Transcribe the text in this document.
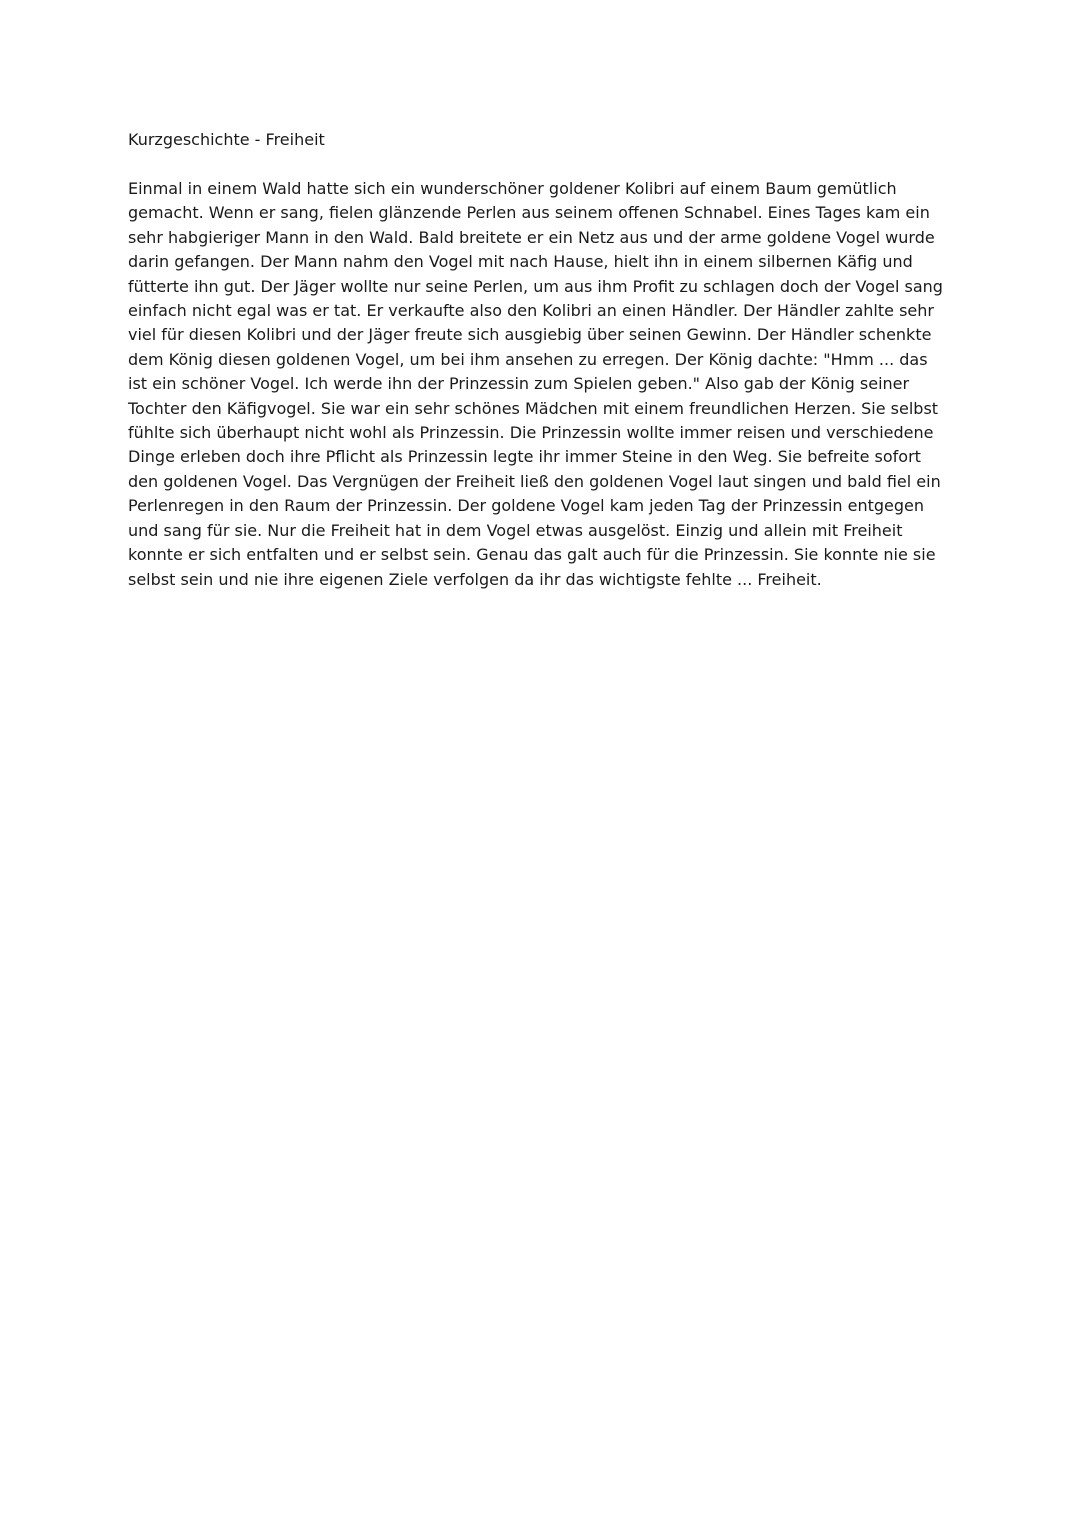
Kurzgeschichte - Freiheit
Einmal in einem Wald hatte sich ein wunderschöner goldener Kolibri auf einem Baum gemütlich
gemacht. Wenn er sang, fielen glänzende Perlen aus seinem offenen Schnabel. Eines Tages kam ein
sehr habgieriger Mann in den Wald. Bald breitete er ein Netz aus und der arme goldene Vogel wurde
darin gefangen. Der Mann nahm den Vogel mit nach Hause, hielt ihn in einem silbernen Käfig und
fütterte ihn gut. Der Jäger wollte nur seine Perlen, um aus ihm Profit zu schlagen doch der Vogel sang
einfach nicht egal was er tat. Er verkaufte also den Kolibri an einen Händler. Der Händler zahlte sehr
viel für diesen Kolibri und der Jäger freute sich ausgiebig über seinen Gewinn. Der Händler schenkte
dem König diesen goldenen Vogel, um bei ihm ansehen zu erregen. Der König dachte: "Hmm ... das
ist ein schöner Vogel. Ich werde ihn der Prinzessin zum Spielen geben." Also gab der König seiner
Tochter den Käfigvogel. Sie war ein sehr schönes Mädchen mit einem freundlichen Herzen. Sie selbst
fühlte sich überhaupt nicht wohl als Prinzessin. Die Prinzessin wollte immer reisen und verschiedene
Dinge erleben doch ihre Pflicht als Prinzessin legte ihr immer Steine in den Weg. Sie befreite sofort
den goldenen Vogel. Das Vergnügen der Freiheit ließ den goldenen Vogel laut singen und bald fiel ein
Perlenregen in den Raum der Prinzessin. Der goldene Vogel kam jeden Tag der Prinzessin entgegen
und sang für sie. Nur die Freiheit hat in dem Vogel etwas ausgelöst. Einzig und allein mit Freiheit
konnte er sich entfalten und er selbst sein. Genau das galt auch für die Prinzessin. Sie konnte nie sie
selbst sein und nie ihre eigenen Ziele verfolgen da ihr das wichtigste fehlte ... Freiheit.
